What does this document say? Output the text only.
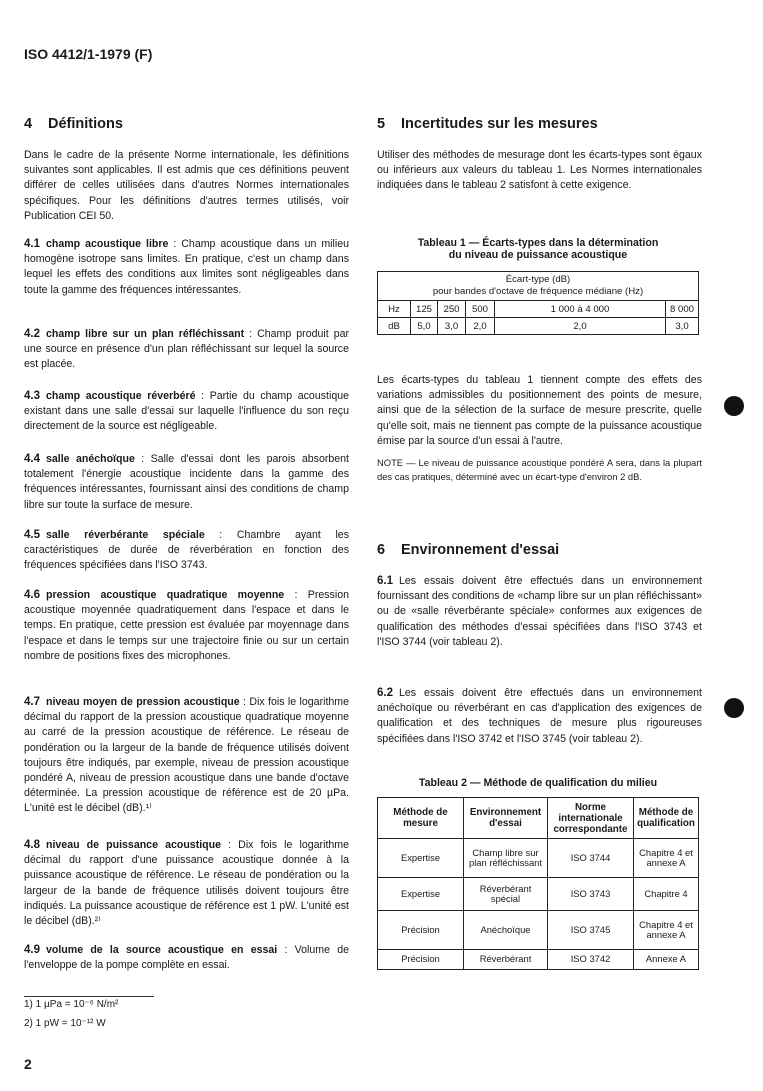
ISO 4412/1-1979 (F)

4 Définitions

Dans le cadre de la présente Norme internationale, les définitions suivantes sont applicables. Il est admis que ces définitions peuvent différer de celles utilisées dans d'autres Normes internationales spécifiques. Pour les définitions d'autres termes utilisés, voir Publication CEI 50.
4.1 champ acoustique libre : Champ acoustique dans un milieu homogène isotrope sans limites. En pratique, c'est un champ dans lequel les effets des conditions aux limites sont négligeables dans toute la gamme des fréquences intéressantes.
4.2 champ libre sur un plan réfléchissant : Champ produit par une source en présence d'un plan réfléchissant sur lequel la source est placée.
4.3 champ acoustique réverbéré : Partie du champ acoustique existant dans une salle d'essai sur laquelle l'influence du son reçu directement de la source est négligeable.
4.4 salle anéchoïque : Salle d'essai dont les parois absorbent totalement l'énergie acoustique incidente dans la gamme des fréquences intéressantes, fournissant ainsi des conditions de champ libre sur toute la surface de mesure.
4.5 salle réverbérante spéciale : Chambre ayant les caractéristiques de durée de réverbération en fonction des fréquences spécifiées dans l'ISO 3743.
4.6 pression acoustique quadratique moyenne : Pression acoustique moyennée quadratiquement dans l'espace et dans le temps. En pratique, cette pression est évaluée par moyennage dans l'espace et dans le temps sur une trajectoire finie ou sur un certain nombre de positions fixes des microphones.
4.7 niveau moyen de pression acoustique : Dix fois le logarithme décimal du rapport de la pression acoustique quadratique moyenne au carré de la pression acoustique de référence. Le réseau de pondération ou la largeur de la bande de fréquence utilisés doivent toujours être indiqués, par exemple, niveau de pression acoustique pondéré A, niveau de pression acoustique dans une bande d'octave déterminée. La pression acoustique de référence est de 20 µPa. L'unité est le décibel (dB).¹⁾
4.8 niveau de puissance acoustique : Dix fois le logarithme décimal du rapport d'une puissance acoustique donnée à la puissance acoustique de référence. Le réseau de pondération ou la largeur de la bande de fréquence utilisés doivent toujours être indiqués. La puissance acoustique de référence est 1 pW. L'unité est le décibel (dB).²⁾
4.9 volume de la source acoustique en essai : Volume de l'enveloppe de la pompe complète en essai.
1) 1 µPa = 10⁻⁶ N/m²
2) 1 pW = 10⁻¹² W
2

5 Incertitudes sur les mesures

Utiliser des méthodes de mesurage dont les écarts-types sont égaux ou inférieurs aux valeurs du tableau 1. Les Normes internationales indiquées dans le tableau 2 satisfont à cette exigence.
Tableau 1 — Écarts-types dans la détermination
du niveau de puissance acoustique
Écart-type (dB)
pour bandes d'octave de fréquence médiane (Hz)					

Hz	125	250	500	1 000 à 4 000	8 000
dB	5,0	3,0	2,0	2,0	3,0
Les écarts-types du tableau 1 tiennent compte des effets des variations admissibles du positionnement des points de mesure, ainsi que de la sélection de la surface de mesure prescrite, quelle qu'elle soit, mais ne tiennent pas compte de la puissance acoustique émise par la source d'un essai à l'autre.
NOTE — Le niveau de puissance acoustique pondéré A sera, dans la plupart des cas pratiques, déterminé avec un écart-type d'environ 2 dB.

6 Environnement d'essai

6.1 Les essais doivent être effectués dans un environnement fournissant des conditions de «champ libre sur un plan réfléchissant» ou de «salle réverbérante spéciale» conformes aux exigences de qualification des méthodes d'essai spécifiées dans l'ISO 3743 et l'ISO 3744 (voir tableau 2).
6.2 Les essais doivent être effectués dans un environnement anéchoïque ou réverbérant en cas d'application des exigences de qualification et des techniques de mesure plus rigoureuses spécifiées dans l'ISO 3742 et l'ISO 3745 (voir tableau 2).
Tableau 2 — Méthode de qualification du milieu
Méthode de mesure	Environnement d'essai	Norme internationale correspondante	Méthode de qualification
Expertise	Champ libre sur plan réfléchissant	ISO 3744	Chapitre 4 et annexe A
Expertise	Réverbérant spécial	ISO 3743	Chapitre 4
Précision	Anéchoïque	ISO 3745	Chapitre 4 et annexe A
Précision	Réverbérant	ISO 3742	Annexe A
